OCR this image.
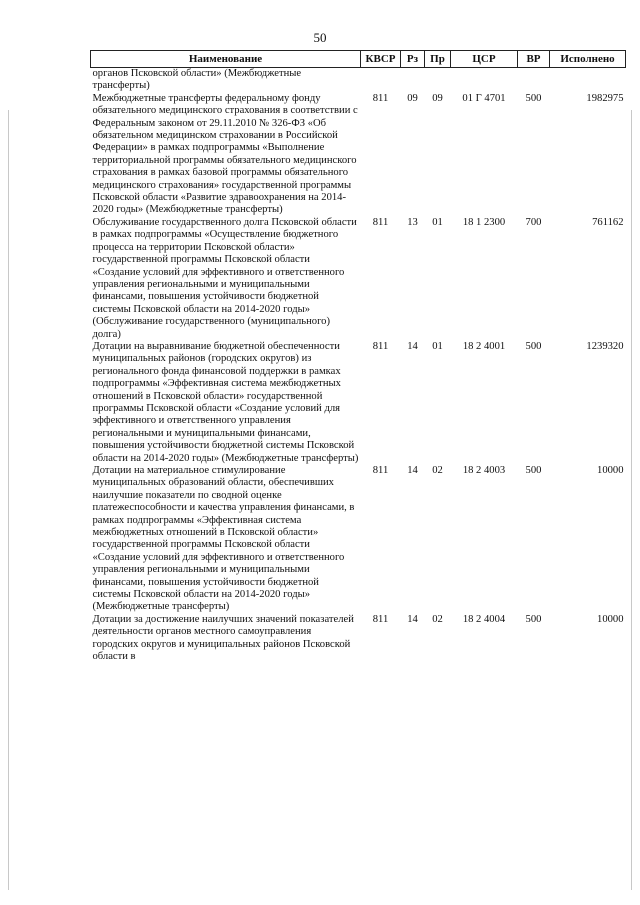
50
Наименование	КВСР	Рз	Пр	ЦСР	ВР	Исполнено
органов Псковской области» (Межбюджетные трансферты)						
Межбюджетные трансферты федеральному фонду обязательного медицинского страхования в соответствии с Федеральным законом от 29.11.2010 № 326-ФЗ «Об обязательном медицинском страховании в Российской Федерации» в рамках подпрограммы «Выполнение территориальной программы обязательного медицинского страхования в рамках базовой программы обязательного медицинского страхования» государственной программы Псковской области «Развитие здравоохранения на 2014-2020 годы» (Межбюджетные трансферты)	811	09	09	01 Г 4701	500	1982975
Обслуживание государственного долга Псковской области в рамках подпрограммы «Осуществление бюджетного процесса на территории Псковской области» государственной программы Псковской области «Создание условий для эффективного и ответственного управления региональными и муниципальными финансами, повышения устойчивости бюджетной системы Псковской области на 2014-2020 годы» (Обслуживание государственного (муниципального) долга)	811	13	01	18 1 2300	700	761162
Дотации на выравнивание бюджетной обеспеченности муниципальных районов (городских округов) из регионального фонда финансовой поддержки в рамках подпрограммы «Эффективная система межбюджетных отношений в Псковской области» государственной программы Псковской области «Создание условий для эффективного и ответственного управления региональными и муниципальными финансами, повышения устойчивости бюджетной системы Псковской области на 2014-2020 годы» (Межбюджетные трансферты)	811	14	01	18 2 4001	500	1239320
Дотации на материальное стимулирование муниципальных образований области, обеспечивших наилучшие показатели по сводной оценке платежеспособности и качества управления финансами, в рамках подпрограммы «Эффективная система межбюджетных отношений в Псковской области» государственной программы Псковской области «Создание условий для эффективного и ответственного управления региональными и муниципальными финансами, повышения устойчивости бюджетной системы Псковской области на 2014-2020 годы» (Межбюджетные трансферты)	811	14	02	18 2 4003	500	10000
Дотации за достижение наилучших значений показателей деятельности органов местного самоуправления городских округов и муниципальных районов Псковской области в	811	14	02	18 2 4004	500	10000
